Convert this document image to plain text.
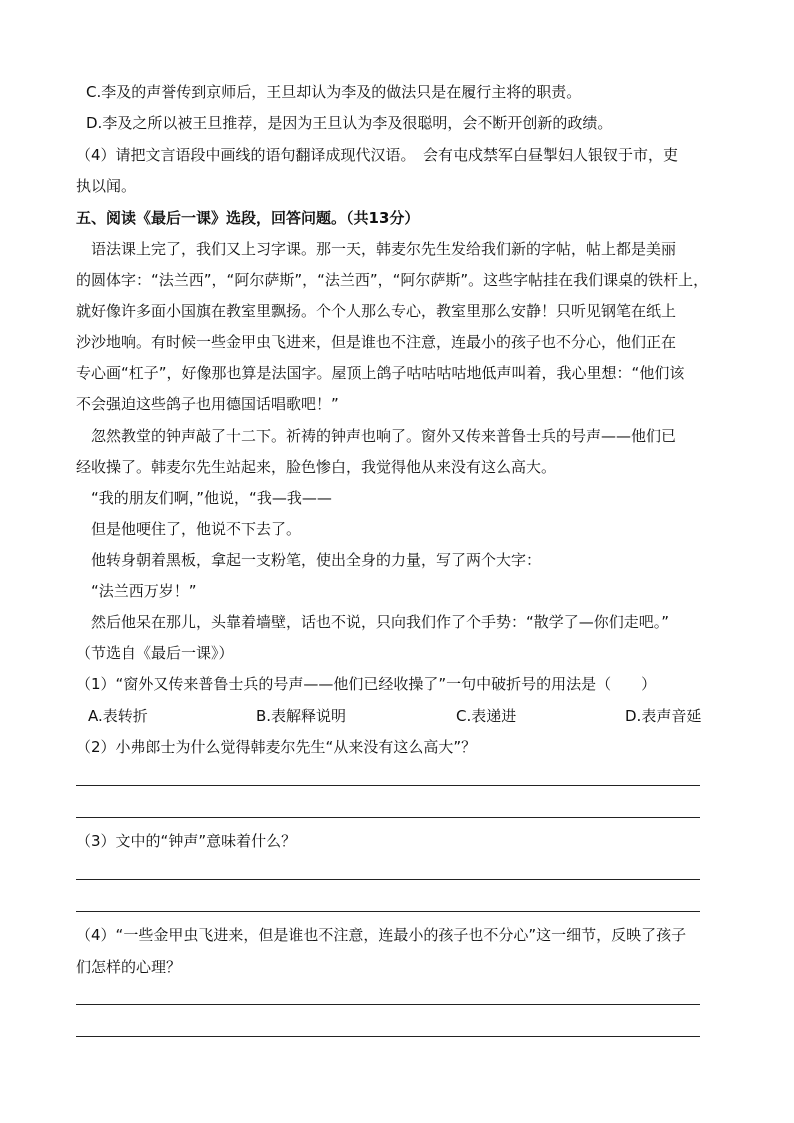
C.李及的声誉传到京师后，王旦却认为李及的做法只是在履行主将的职责。
D.李及之所以被王旦推荐，是因为王旦认为李及很聪明，会不断开创新的政绩。
（4）请把文言语段中画线的语句翻译成现代汉语。　会有屯戍禁军白昼掣妇人银钗于市，吏
执以闻。
五、阅读《最后一课》选段，回答问题。（共13分）
　语法课上完了，我们又上习字课。那一天，韩麦尔先生发给我们新的字帖，帖上都是美丽
的圆体字：“法兰西”，“阿尔萨斯”，“法兰西”，“阿尔萨斯”。这些字帖挂在我们课桌的铁杆上，
就好像许多面小国旗在教室里飘扬。个个人那么专心，教室里那么安静！只听见钢笔在纸上
沙沙地响。有时候一些金甲虫飞进来，但是谁也不注意，连最小的孩子也不分心，他们正在
专心画“杠子”，好像那也算是法国字。屋顶上鸽子咕咕咕咕地低声叫着，我心里想：“他们该
不会强迫这些鸽子也用德国话唱歌吧！”
　忽然教堂的钟声敲了十二下。祈祷的钟声也响了。窗外又传来普鲁士兵的号声——他们已
经收操了。韩麦尔先生站起来，脸色惨白，我觉得他从来没有这么高大。
　“我的朋友们啊，”他说，“我—我——
　但是他哽住了，他说不下去了。
　他转身朝着黑板，拿起一支粉笔，使出全身的力量，写了两个大字：
　“法兰西万岁！”
　然后他呆在那儿，头靠着墙壁，话也不说，只向我们作了个手势：“散学了—你们走吧。”
（节选自《最后一课》）
（1）“窗外又传来普鲁士兵的号声——他们已经收操了”一句中破折号的用法是（　　）
A.表转折	B.表解释说明	C.表递进	D.表声音延
（2）小弗郎士为什么觉得韩麦尔先生“从来没有这么高大”？
（3）文中的“钟声”意味着什么？
（4）“一些金甲虫飞进来，但是谁也不注意，连最小的孩子也不分心”这一细节，反映了孩子
们怎样的心理？
